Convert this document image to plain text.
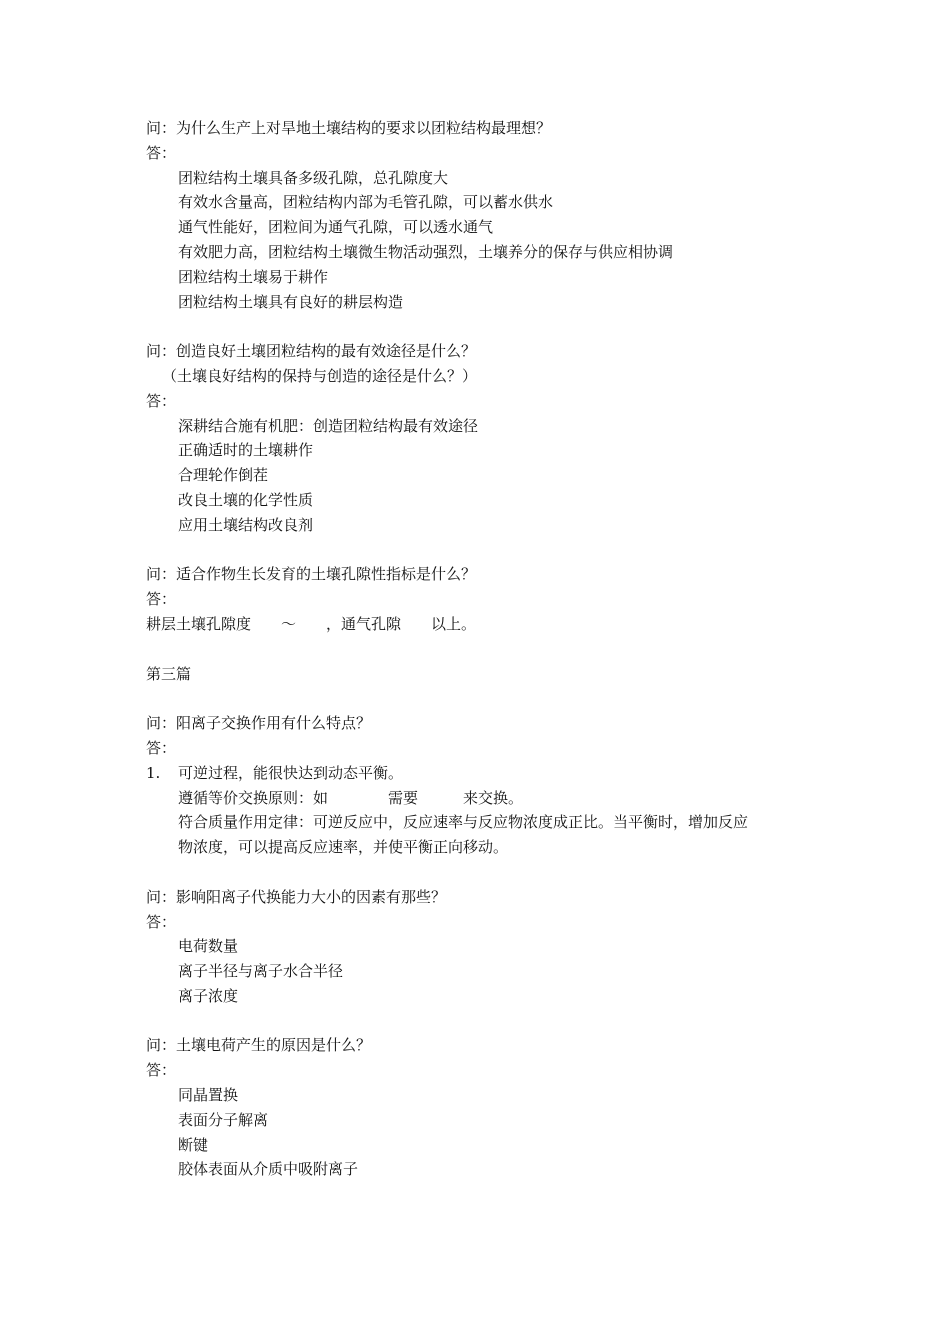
问：为什么生产上对旱地土壤结构的要求以团粒结构最理想？
答：
团粒结构土壤具备多级孔隙，总孔隙度大
有效水含量高，团粒结构内部为毛管孔隙，可以蓄水供水
通气性能好，团粒间为通气孔隙，可以透水通气
有效肥力高，团粒结构土壤微生物活动强烈，土壤养分的保存与供应相协调
团粒结构土壤易于耕作
团粒结构土壤具有良好的耕层构造
问：创造良好土壤团粒结构的最有效途径是什么？
（土壤良好结构的保持与创造的途径是什么？）
答：
深耕结合施有机肥：创造团粒结构最有效途径
正确适时的土壤耕作
合理轮作倒茬
改良土壤的化学性质
应用土壤结构改良剂
问：适合作物生长发育的土壤孔隙性指标是什么？
答：
耕层土壤孔隙度　　～　　，通气孔隙　　以上。
第三篇
问：阳离子交换作用有什么特点？
答：
1. 可逆过程，能很快达到动态平衡。
遵循等价交换原则：如　　　　需要　　　来交换。
符合质量作用定律：可逆反应中，反应速率与反应物浓度成正比。当平衡时，增加反应
物浓度，可以提高反应速率，并使平衡正向移动。
问：影响阳离子代换能力大小的因素有那些？
答：
电荷数量
离子半径与离子水合半径
离子浓度
问：土壤电荷产生的原因是什么？
答：
同晶置换
表面分子解离
断键
胶体表面从介质中吸附离子
